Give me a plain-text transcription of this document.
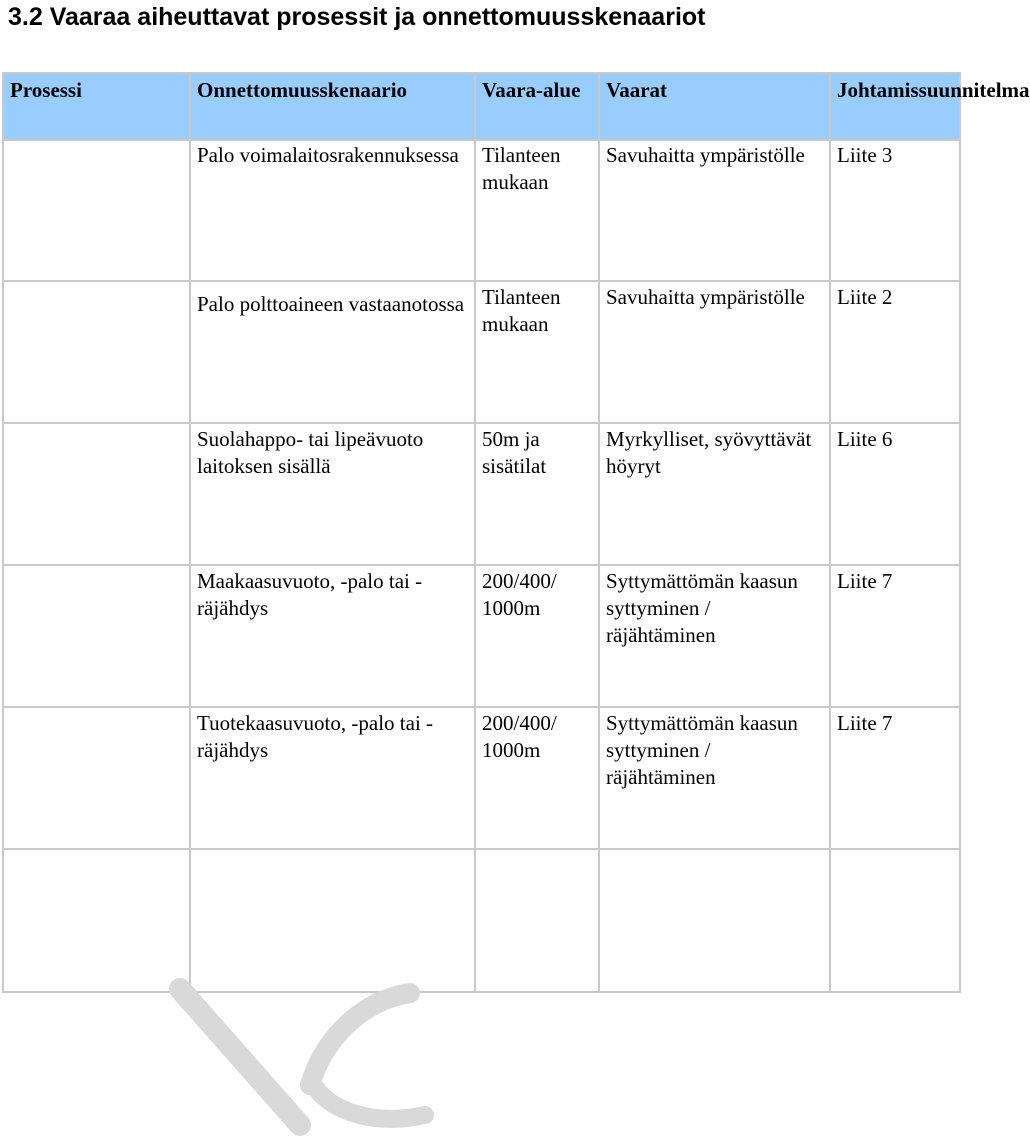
3.2 Vaaraa aiheuttavat prosessit ja onnettomuusskenaariot
Prosessi	Onnettomuusskenaario	Vaara-alue	Vaarat	Johtamissuunnitelma
	Palo voimalaitosrakennuksessa	Tilanteen mukaan	Savuhaitta ympäristölle	Liite 3

	Palo polttoaineen vastaanotossa	Tilanteen mukaan	Savuhaitta ympäristölle	Liite 2
	Suolahappo- tai lipeävuoto laitoksen sisällä	50m ja sisätilat	Myrkylliset, syövyttävät höyryt	Liite 6
	Maakaasuvuoto, -palo tai -räjähdys	200/400/ 1000m	Syttymättömän kaasun syttyminen / räjähtäminen	Liite 7
	Tuotekaasuvuoto, -palo tai -räjähdys	200/400/ 1000m	Syttymättömän kaasun syttyminen / räjähtäminen	Liite 7
